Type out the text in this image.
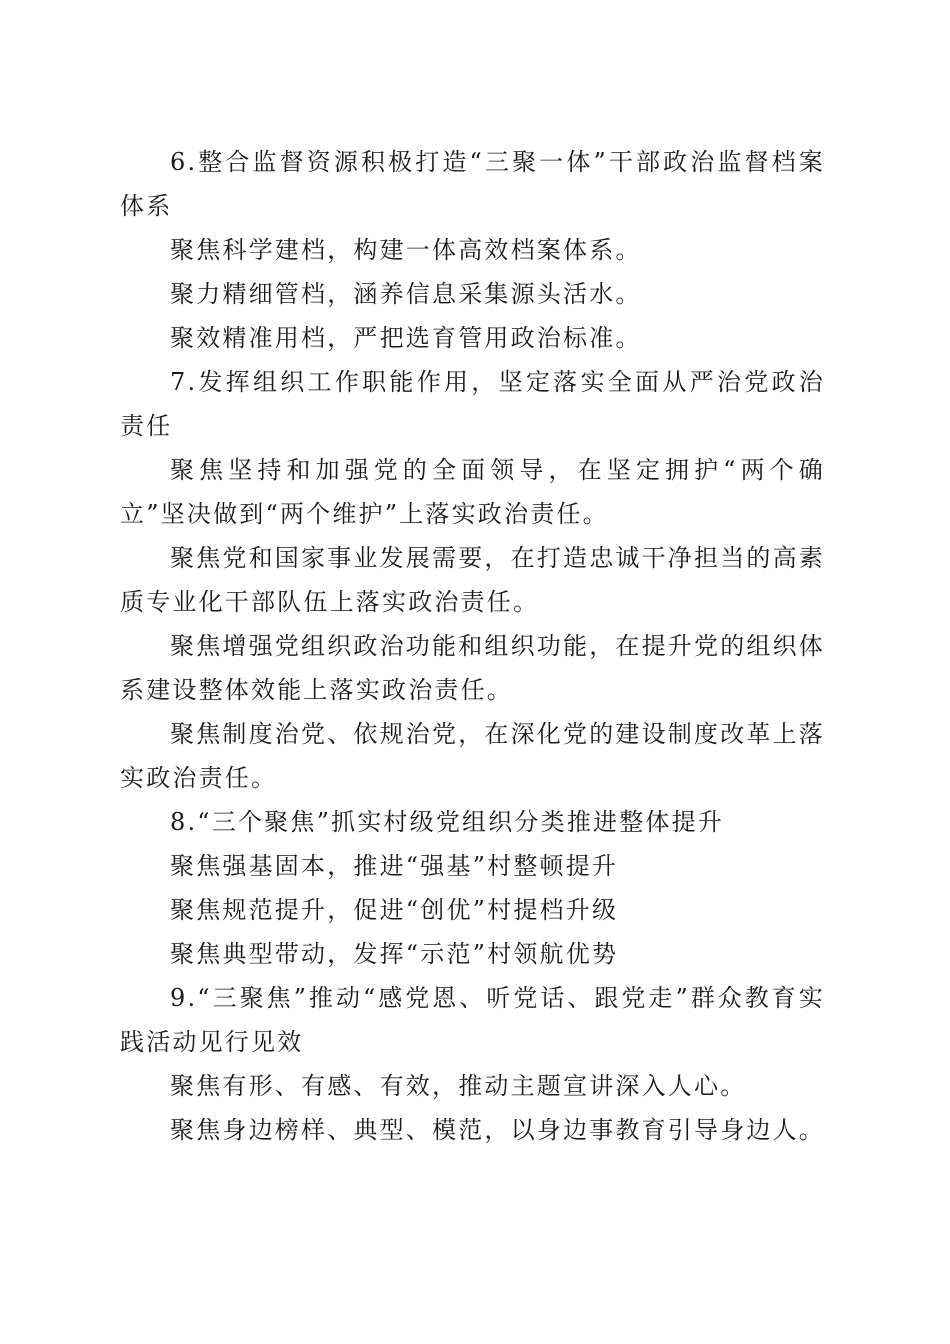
6.整合监督资源积极打造“三聚一体”干部政治监督档案体系

聚焦科学建档，构建一体高效档案体系。

聚力精细管档，涵养信息采集源头活水。

聚效精准用档，严把选育管用政治标准。

7.发挥组织工作职能作用，坚定落实全面从严治党政治责任

聚焦坚持和加强党的全面领导，在坚定拥护“两个确立”坚决做到“两个维护”上落实政治责任。

聚焦党和国家事业发展需要，在打造忠诚干净担当的高素质专业化干部队伍上落实政治责任。

聚焦增强党组织政治功能和组织功能，在提升党的组织体系建设整体效能上落实政治责任。

聚焦制度治党、依规治党，在深化党的建设制度改革上落实政治责任。

8.“三个聚焦”抓实村级党组织分类推进整体提升

聚焦强基固本，推进“强基”村整顿提升

聚焦规范提升，促进“创优”村提档升级

聚焦典型带动，发挥“示范”村领航优势

9.“三聚焦”推动“感党恩、听党话、跟党走”群众教育实践活动见行见效

聚焦有形、有感、有效，推动主题宣讲深入人心。

聚焦身边榜样、典型、模范，以身边事教育引导身边人。
